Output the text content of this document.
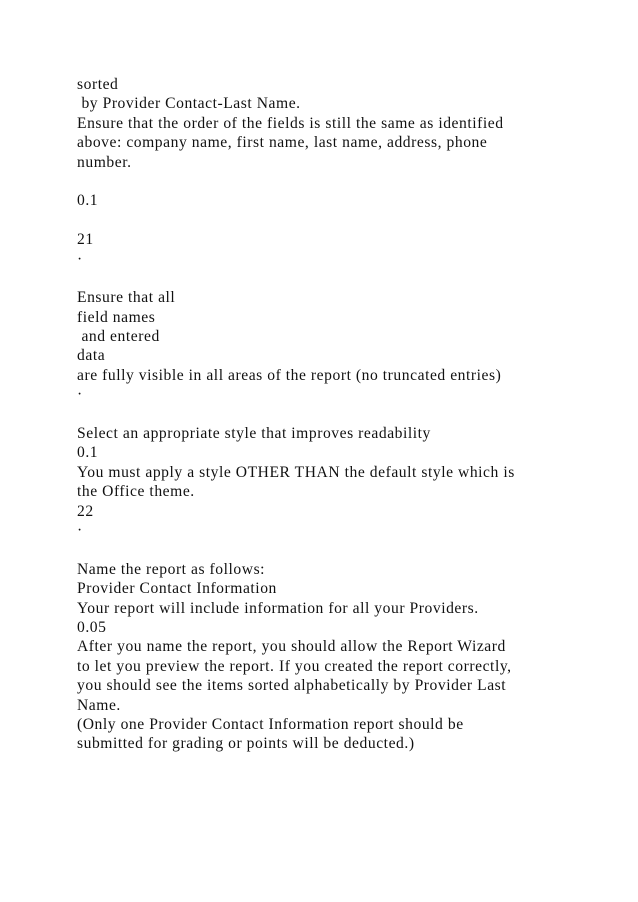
sorted
by Provider Contact-Last Name.
Ensure that the order of the fields is still the same as identified
above: company name, first name, last name, address, phone
number.
0.1
21
·
Ensure that all
field names
and entered
data
are fully visible in all areas of the report (no truncated entries)
·
Select an appropriate style that improves readability
0.1
You must apply a style OTHER THAN the default style which is
the Office theme.
22
·
Name the report as follows:
Provider Contact Information
Your report will include information for all your Providers.
0.05
After you name the report, you should allow the Report Wizard
to let you preview the report. If you created the report correctly,
you should see the items sorted alphabetically by Provider Last
Name.
(Only one Provider Contact Information report should be
submitted for grading or points will be deducted.)
